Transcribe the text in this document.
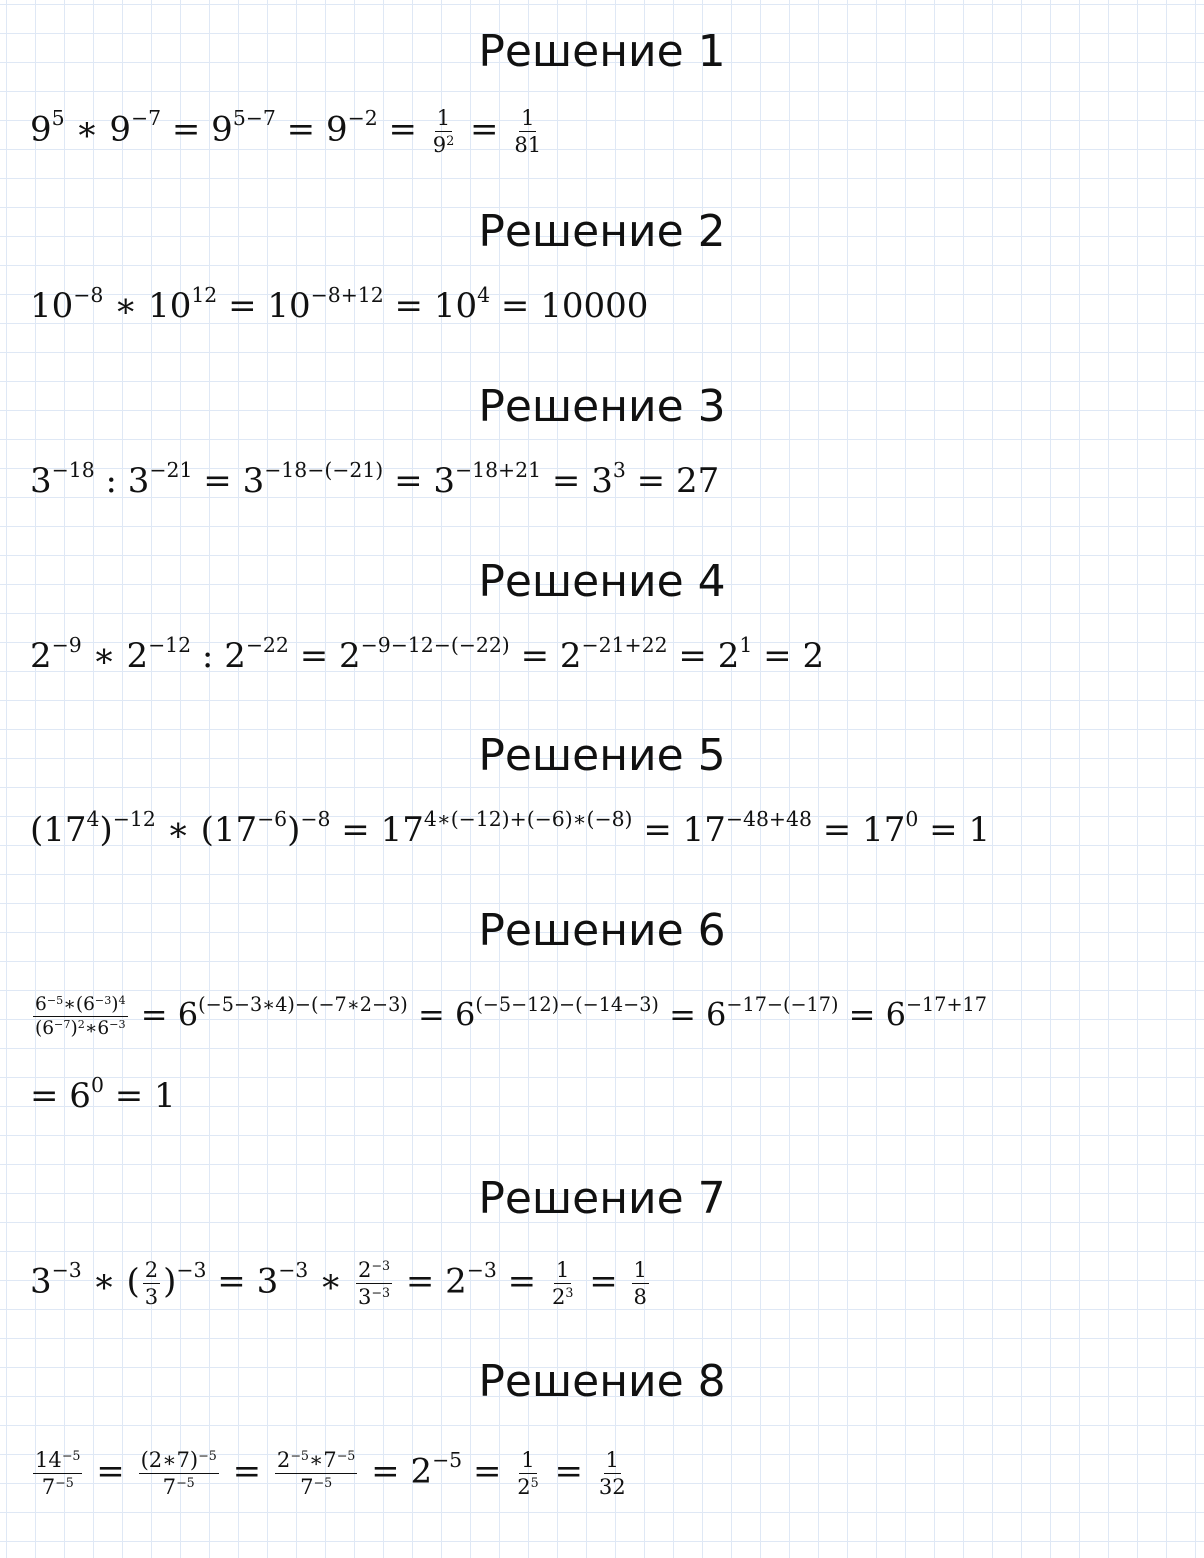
Решение 1
$9^5$ ∗ $9^{-7} = 9^{5-7} = 9^{-2} = \frac{1}{9^2} = \frac{1}{81}$
Решение 2
$10^{-8}$ ∗ $10^{12} = 10^{-8+12} = 10^4 = 10000$
Решение 3
$3^{-18}$ : $3^{-21} = 3^{-18-(-21)} = 3^{-18+21} = 3^3 = 27$
Решение 4
$2^{-9}$ ∗ $2^{-12}$ : $2^{-22} = 2^{-9-12-(-22)} = 2^{-21+22} = 2^1 = 2$
Решение 5
$(17^4)^{-12}$ ∗ $(17^{-6})^{-8} = 17^{4∗(-12)+(-6)∗(-8)} = 17^{-48+48} = 17^0 = 1$
Решение 6
$\frac{6^{-5}∗(6^{-3})^4}{(6^{-7})^2∗6^{-3}} = 6^{(-5-3∗4)-(-7∗2-3)} = 6^{(-5-12)-(-14-3)} = 6^{-17-(-17)} = 6^{-17+17}$
= $6^0 = 1$
Решение 7
$3^{-3}$ ∗ ( $\frac{2}{3} )^{-3} = 3^{-3}$ ∗ $\frac{2^{-3}}{3^{-3}} = 2^{-3} = \frac{1}{2^3} = \frac{1}{8}$
Решение 8
$\frac{14^{-5}}{7^{-5}} = \frac{(2∗7)^{-5}}{7^{-5}} = \frac{2^{-5}∗7^{-5}}{7^{-5}} = 2^{-5} = \frac{1}{2^5} = \frac{1}{32}$
